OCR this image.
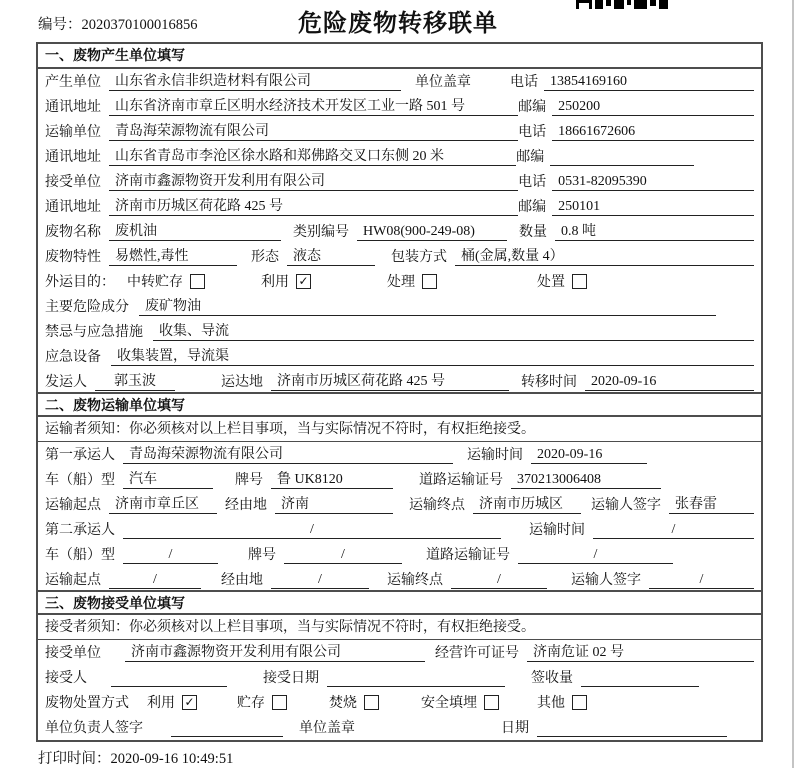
编号：2020370100016856	危险废物转移联单
一、废物产生单位填写
产生单位	山东省永信非织造材料有限公司	单位盖章	电话 13854169160
通讯地址	山东省济南市章丘区明水经济技术开发区工业一路 501 号	邮编 250200
运输单位	青岛海荣源物流有限公司	电话 18661672606
通讯地址	山东省青岛市李沧区徐水路和郑佛路交叉口东侧 20 米	邮编
接受单位	济南市鑫源物资开发利用有限公司	电话 0531-82095390
通讯地址	济南市历城区荷花路 425 号	邮编 250101
废物名称	废机油	类别编号	HW08(900-249-08)	数量	0.8 吨
废物特性	易燃性,毒性	形态	液态	包装方式	桶(金属,数量 4）
外运目的： 中转贮存	利用 ✓	处理	处置
主要危险成分	废矿物油
禁忌与应急措施	收集、导流
应急设备	收集装置，导流渠
发运人	郭玉波	运达地	济南市历城区荷花路 425 号	转移时间	2020-09-16
二、废物运输单位填写
运输者须知：你必须核对以上栏目事项，当与实际情况不符时，有权拒绝接受。
第一承运人	青岛海荣源物流有限公司	运输时间	2020-09-16
车（船）型	汽车	牌号	鲁 UK8120	道路运输证号	370213006408
运输起点	济南市章丘区	经由地	济南	运输终点	济南市历城区	运输人签字	张春雷
第二承运人	/	运输时间	/
车（船）型	/	牌号	/	道路运输证号	/
运输起点	/	经由地	/	运输终点	/	运输人签字	/
三、废物接受单位填写
接受者须知：你必须核对以上栏目事项，当与实际情况不符时，有权拒绝接受。
接受单位	济南市鑫源物资开发利用有限公司	经营许可证号	济南危证 02 号
接受人	接受日期	签收量
废物处置方式 利用 ✓	贮存	焚烧	安全填埋	其他
单位负责人签字	单位盖章	日期
打印时间：2020-09-16 10:49:51
